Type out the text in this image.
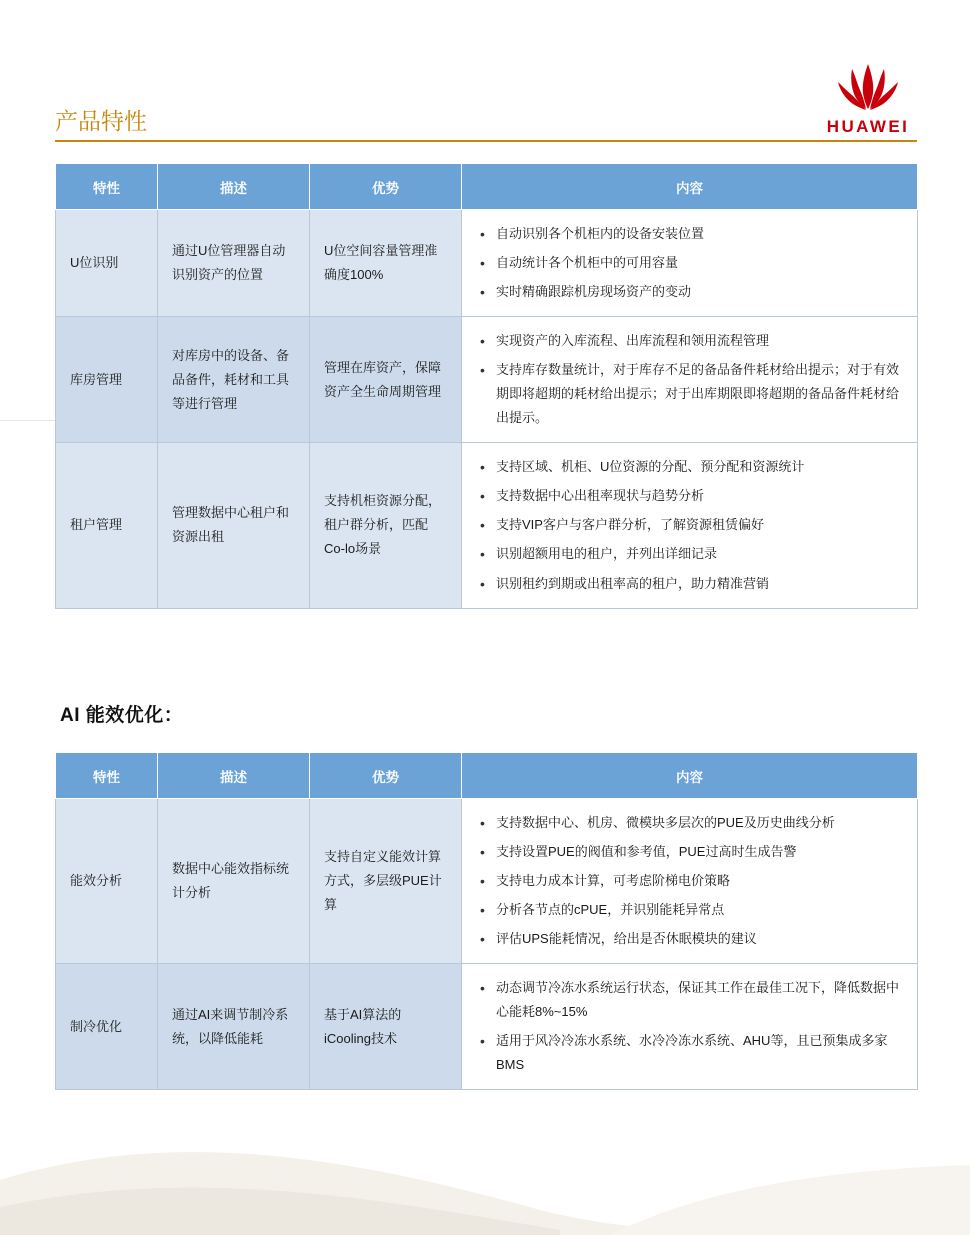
HUAWEI
产品特性
特性	描述	优势	内容
U位识别	通过U位管理器自动识别资产的位置	U位空间容量管理准确度100%	
• 自动识别各个机柜内的设备安装位置
• 自动统计各个机柜中的可用容量
• 实时精确跟踪机房现场资产的变动

库房管理	对库房中的设备、备品备件，耗材和工具等进行管理	管理在库资产，保障资产全生命周期管理	
• 实现资产的入库流程、出库流程和领用流程管理
• 支持库存数量统计，对于库存不足的备品备件耗材给出提示；对于有效期即将超期的耗材给出提示；对于出库期限即将超期的备品备件耗材给出提示。

租户管理	管理数据中心租户和资源出租	支持机柜资源分配，租户群分析，匹配Co-lo场景	
• 支持区域、机柜、U位资源的分配、预分配和资源统计
• 支持数据中心出租率现状与趋势分析
• 支持VIP客户与客户群分析，了解资源租赁偏好
• 识别超额用电的租户，并列出详细记录
• 识别租约到期或出租率高的租户，助力精准营销
AI 能效优化：
特性	描述	优势	内容
能效分析	数据中心能效指标统计分析	支持自定义能效计算方式，多层级PUE计算	
• 支持数据中心、机房、微模块多层次的PUE及历史曲线分析
• 支持设置PUE的阀值和参考值，PUE过高时生成告警
• 支持电力成本计算，可考虑阶梯电价策略
• 分析各节点的cPUE，并识别能耗异常点
• 评估UPS能耗情况，给出是否休眠模块的建议

制冷优化	通过AI来调节制冷系统，以降低能耗	基于AI算法的iCooling技术	
• 动态调节冷冻水系统运行状态，保证其工作在最佳工况下，降低数据中心能耗8%~15%
• 适用于风冷冷冻水系统、水冷冷冻水系统、AHU等，且已预集成多家BMS
